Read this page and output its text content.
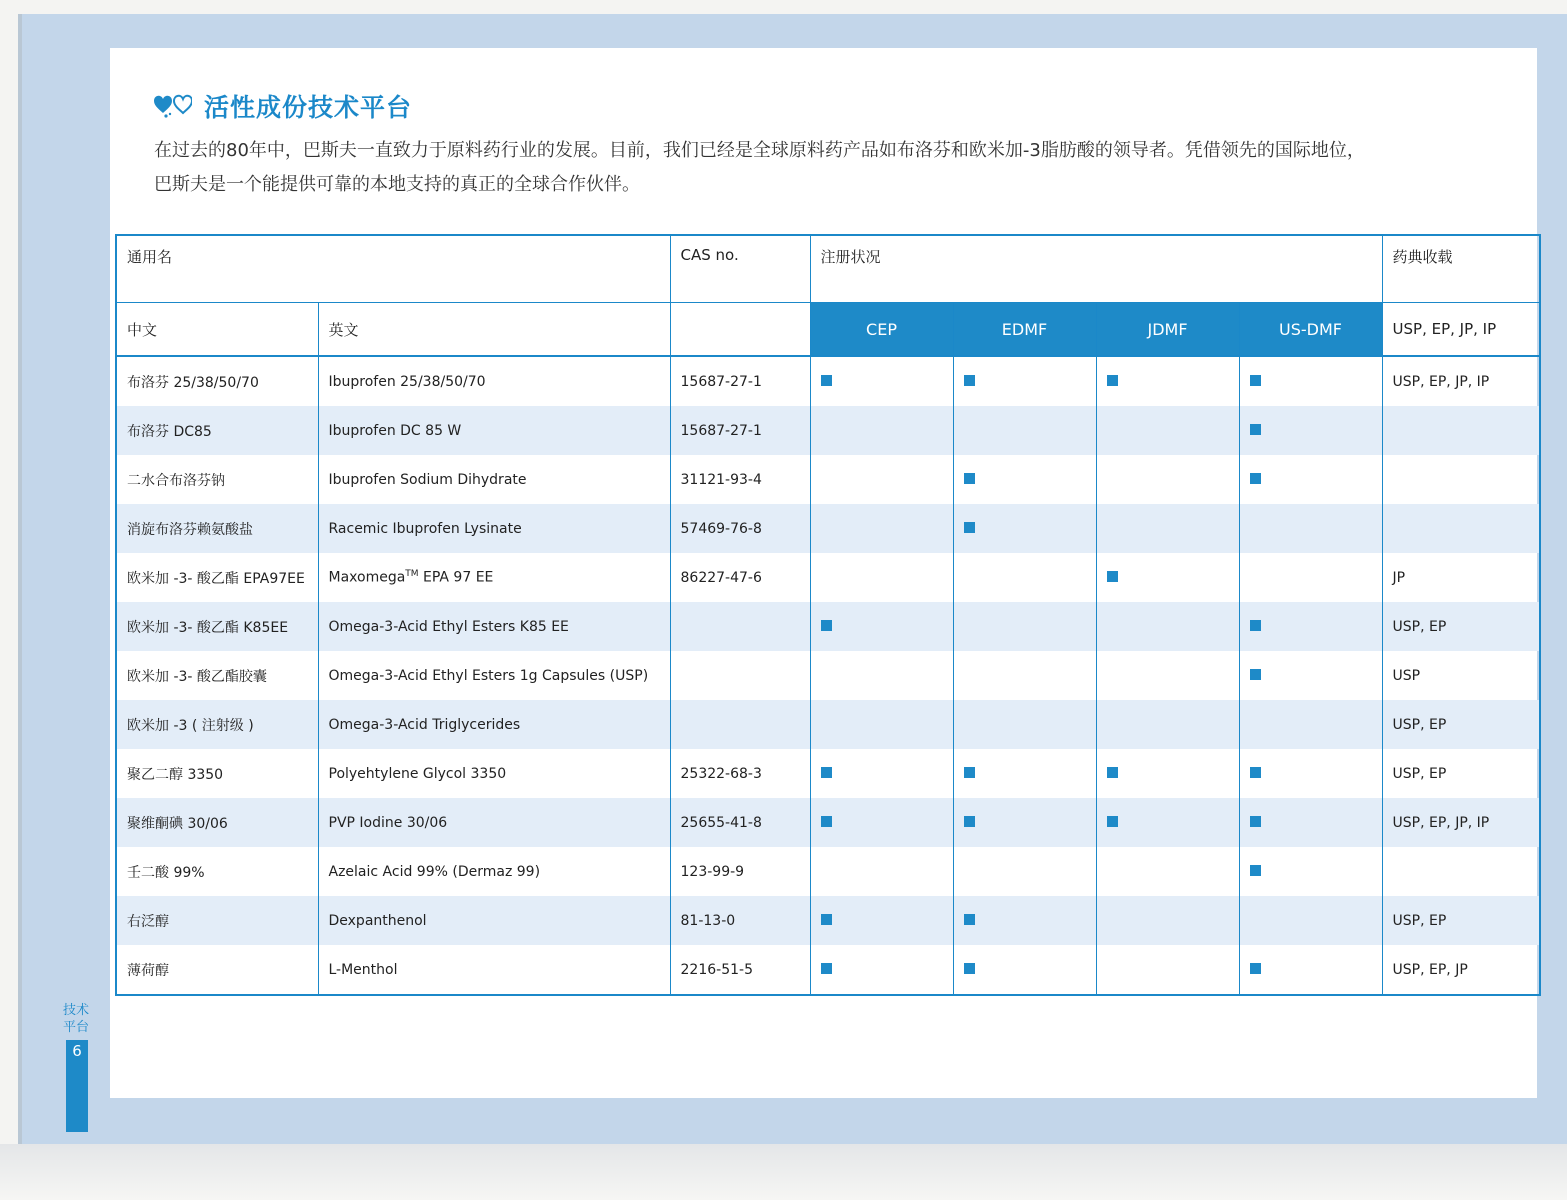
活性成份技术平台

在过去的80年中，巴斯夫一直致力于原料药行业的发展。目前，我们已经是全球原料药产品如布洛芬和欧米加-3脂肪酸的领导者。凭借领先的国际地位，

巴斯夫是一个能提供可靠的本地支持的真正的全球合作伙伴。

通用名		CAS no.	注册状况				药典收载
中文	英文		CEP	EDMF	JDMF	US-DMF	USP, EP, JP, IP
布洛芬 25/38/50/70	Ibuprofen 25/38/50/70	15687-27-1					USP, EP, JP, IP
布洛芬 DC85	Ibuprofen DC 85 W	15687-27-1					
二水合布洛芬钠	Ibuprofen Sodium Dihydrate	31121-93-4					
消旋布洛芬赖氨酸盐	Racemic Ibuprofen Lysinate	57469-76-8					
欧米加 -3- 酸乙酯 EPA97EE	Maxomega™ EPA 97 EE	86227-47-6					JP
欧米加 -3- 酸乙酯 K85EE	Omega-3-Acid Ethyl Esters K85 EE						USP, EP
欧米加 -3- 酸乙酯胶囊	Omega-3-Acid Ethyl Esters 1g Capsules (USP)						USP
欧米加 -3 ( 注射级 )	Omega-3-Acid Triglycerides						USP, EP
聚乙二醇 3350	Polyehtylene Glycol 3350	25322-68-3					USP, EP
聚维酮碘 30/06	PVP Iodine 30/06	25655-41-8					USP, EP, JP, IP
壬二酸 99%	Azelaic Acid 99% (Dermaz 99)	123-99-9					
右泛醇	Dexpanthenol	81-13-0					USP, EP
薄荷醇	L-Menthol	2216-51-5					USP, EP, JP
技术
平台
6
